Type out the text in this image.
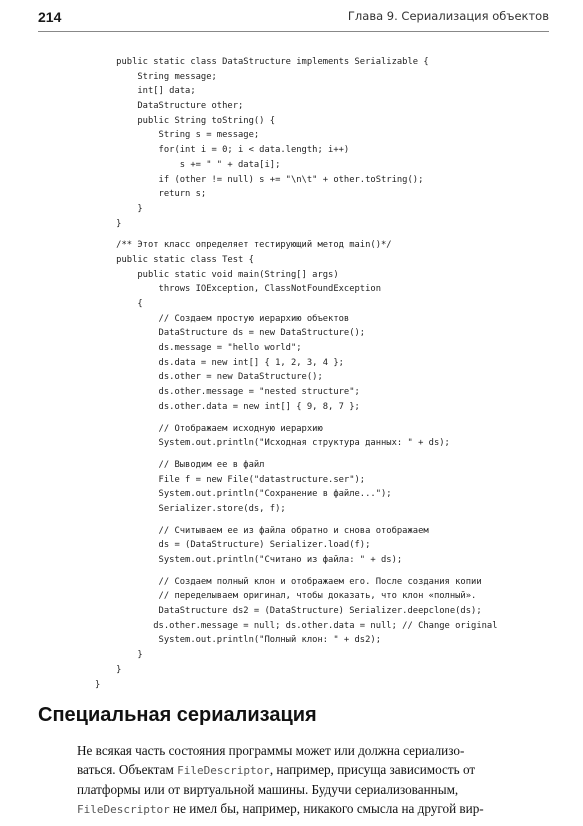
214	Глава 9. Сериализация объектов
public static class DataStructure implements Serializable {
String message;
int[] data;
DataStructure other;
public String toString() {
String s = message;
for(int i = 0; i < data.length; i++)
s += " " + data[i];
if (other != null) s += "\n\t" + other.toString();
return s;
}
}
/** Этот класс определяет тестирующий метод main()*/
public static class Test {
public static void main(String[] args)
throws IOException, ClassNotFoundException
{
// Создаем простую иерархию объектов
DataStructure ds = new DataStructure();
ds.message = "hello world";
ds.data = new int[] { 1, 2, 3, 4 };
ds.other = new DataStructure();
ds.other.message = "nested structure";
ds.other.data = new int[] { 9, 8, 7 };
// Отображаем исходную иерархию
System.out.println("Исходная структура данных: " + ds);
// Выводим ее в файл
File f = new File("datastructure.ser");
System.out.println("Сохранение в файле...");
Serializer.store(ds, f);
// Считываем ее из файла обратно и снова отображаем
ds = (DataStructure) Serializer.load(f);
System.out.println("Считано из файла: " + ds);
// Создаем полный клон и отображаем его. После создания копии
// переделываем оригинал, чтобы доказать, что клон «полный».
DataStructure ds2 = (DataStructure) Serializer.deepclone(ds);
ds.other.message = null; ds.other.data = null; // Change original
System.out.println("Полный клон: " + ds2);
}
}
}
Специальная сериализация
Не всякая часть состояния программы может или должна сериализо-
ваться. Объектам FileDescriptor, например, присуща зависимость от
платформы или от виртуальной машины. Будучи сериализованным,
FileDescriptor не имел бы, например, никакого смысла на другой вир-
